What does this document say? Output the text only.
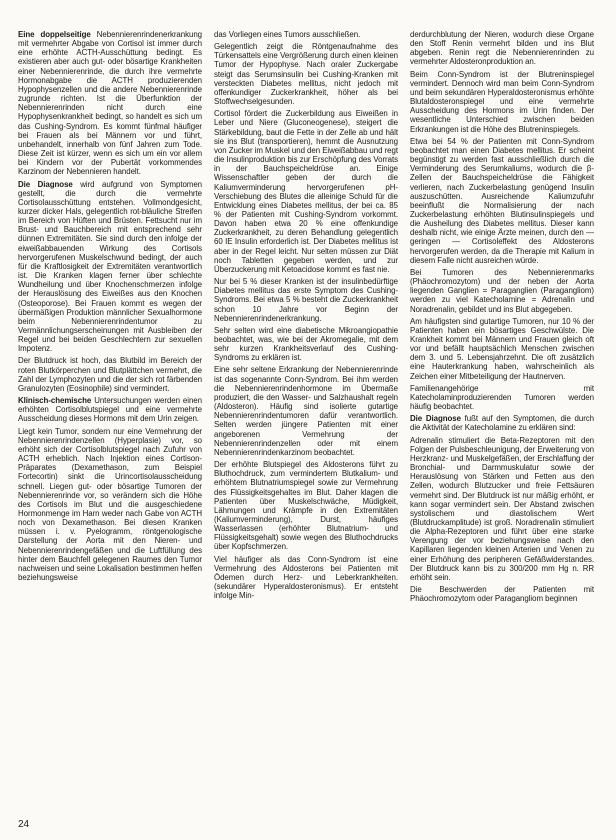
Eine doppelseitige Nebennierenrindenerkrankung mit vermehrter Abgabe von Cortisol ist immer durch eine erhöhte ACTH-Ausschüttung bedingt. Es existieren aber auch gut- oder bösartige Krankheiten einer Nebennierenrinde, die durch ihre vermehrte Hormonabgabe die ACTH produzierenden Hypophysenzellen und die andere Nebennierenrinde zugrunde richten. Ist die Überfunktion der Nebennierenrinden nicht durch eine Hypophysenkrankheit bedingt, so handelt es sich um das Cushing-Syndrom. Es kommt fünfmal häufiger bei Frauen als bei Männern vor und führt, unbehandelt, innerhalb von fünf Jahren zum Tode. Diese Zeit ist kürzer, wenn es sich um ein vor allem bei Kindern vor der Pubertät vorkommendes Karzinom der Nebennieren handelt.

Die Diagnose wird aufgrund von Symptomen gestellt, die durch die vermehrte Cortisolausschüttung entstehen. Vollmondgesicht, kurzer dicker Hals, gelegentlich rot-bläuliche Streifen im Bereich von Hüften und Brüsten. Fettsucht nur im Brust- und Bauchbereich mit entsprechend sehr dünnen Extremitäten. Sie sind durch den infolge der eiweißabbauenden Wirkung des Cortisols hervorgerufenen Muskelschwund bedingt, der auch für die Kraftlosigkeit der Extremitäten verantwortlich ist. Die Kranken klagen ferner über schlechte Wundheilung und über Knochenschmerzen infolge der Herauslösung des Eiweißes aus den Knochen (Osteoporose). Bei Frauen kommt es wegen der übermäßigen Produktion männlicher Sexualhormone beim Nebennierenrindentumor zu Vermännlichungserscheinungen mit Ausbleiben der Regel und bei beiden Geschlechtern zur sexuellen Impotenz.

Der Blutdruck ist hoch, das Blutbild im Bereich der roten Blutkörperchen und Blutplättchen vermehrt, die Zahl der Lymphozyten und die der sich rot färbenden Granulozyten (Eosinophile) sind vermindert.

Klinisch-chemische Untersuchungen werden einen erhöhten Cortisolblutspiegel und eine vermehrte Ausscheidung dieses Hormons mit dem Urin zeigen.

Liegt kein Tumor, sondern nur eine Vermehrung der Nebennierenrindenzellen (Hyperplasie) vor, so erhöht sich der Cortisolblutspiegel nach Zufuhr von ACTH erheblich. Nach Injektion eines Cortison-Präparates (Dexamethason, zum Beispiel Fortecortin) sinkt die Urincortisolausscheidung schnell. Liegen gut- oder bösartige Tumoren der Nebennierenrinde vor, so verändern sich die Höhe des Cortisols im Blut und die ausgeschiedene Hormonmenge im Harn weder nach Gabe von ACTH noch von Dexamethason. Bei diesen Kranken müssen i. v. Pyelogramm, röntgenologische Darstellung der Aorta mit den Nieren- und Nebennierenrindengefäßen und die Luftfüllung des hinter dem Bauchfell gelegenen Raumes den Tumor nachweisen und seine Lokalisation bestimmen helfen beziehungsweise

das Vorliegen eines Tumors ausschließen.

Gelegentlich zeigt die Röntgenaufnahme des Türkensattels eine Vergrößerung durch einen kleinen Tumor der Hypophyse. Nach oraler Zuckergabe steigt das Serumsinsulin bei Cushing-Kranken mit versteckten Diabetes mellitus, nicht jedoch mit offenkundiger Zuckerkrankheit, höher als bei Stoffwechselgesunden.

Cortisol fördert die Zuckerbildung aus Eiweißen in Leber und Niere (Gluconeogenese), steigert die Stärkebildung, baut die Fette in der Zelle ab und hält sie ins Blut (transportieren), hemmt die Ausnutzung von Zucker im Muskel und den Eiweißabbau und regt die Insulinproduktion bis zur Erschöpfung des Vorrats in der Bauchspeicheldrüse an. Einige Wissenschaftler geben der durch die Kaliumverminderung hervorgerufenen pH-Verschiebung des Blutes die alleinige Schuld für die Entwicklung eines Diabetes mellitus, der bei ca. 85 % der Patienten mit Cushing-Syndrom vorkommt. Davon haben etwa 20 % eine offenkundige Zuckerkrankheit, zu deren Behandlung gelegentlich 60 IE Insulin erforderlich ist. Der Diabetes mellitus ist aber in der Regel leicht. Nur selten müssen zur Diät noch Tabletten gegeben werden, und zur Überzuckerung mit Ketoacidose kommt es fast nie.

Nur bei 5 % dieser Kranken ist der insulinbedürftige Diabetes mellitus das erste Symptom des Cushing-Syndroms. Bei etwa 5 % besteht die Zuckerkrankheit schon 10 Jahre vor Beginn der Nebennierenrindenerkrankung.

Sehr selten wird eine diabetische Mikroangiopathie beobachtet, was, wie bei der Akromegalie, mit dem sehr kurzen Krankheitsverlauf des Cushing-Syndroms zu erklären ist.

Eine sehr seltene Erkrankung der Nebennierenrinde ist das sogenannte Conn-Syndrom. Bei ihm werden die Nebennierenrindenhormone im Übermaße produziert, die den Wasser- und Salzhaushalt regeln (Aldosteron). Häufig sind isolierte gutartige Nebennierenrindentumoren dafür verantwortlich. Selten werden jüngere Patienten mit einer angeborenen Vermehrung der Nebennierenrindenzellen oder mit einem Nebennierenrindenkarzinom beobachtet.

Der erhöhte Blutspiegel des Aldosterons führt zu Bluthochdruck, zum vermindertem Blutkalium- und erhöhtem Blutnatriumspiegel sowie zur Vermehrung des Flüssigkeitsgehaltes im Blut. Daher klagen die Patienten über Muskelschwäche, Müdigkeit, Lähmungen und Krämpfe in den Extremitäten (Kaliumverminderung), Durst, häufiges Wasserlassen (erhöhter Blutnatrium- und Flüssigkeitsgehalt) sowie wegen des Bluthochdrucks über Kopfschmerzen.

Viel häufiger als das Conn-Syndrom ist eine Vermehrung des Aldosterons bei Patienten mit Ödemen durch Herz- und Leberkrankheiten. (sekundärer Hyperaldosteronismus). Er entsteht infolge Min-

derdurchblutung der Nieren, wodurch diese Organe den Stoff Renin vermehrt bilden und ins Blut abgeben. Renin regt die Nebennierenrinden zu vermehrter Aldosteronproduktion an.

Beim Conn-Syndrom ist der Blutreninspiegel vermindert. Dennoch wird man beim Conn-Syndrom und beim sekundären Hyperaldosteronismus erhöhte Blutaldosteronspiegel und eine vermehrte Ausscheidung des Hormons im Urin finden. Der wesentliche Unterschied zwischen beiden Erkrankungen ist die Höhe des Blutreninspiegels.

Etwa bei 54 % der Patienten mit Conn-Syndrom beobachtet man einen Diabetes mellitus. Er scheint begünstigt zu werden fast ausschließlich durch die Verminderung des Serumkaliums, wodurch die β-Zellen der Bauchspeicheldrüse die Fähigkeit verlieren, nach Zuckerbelastung genügend Insulin auszuschütten. Ausreichende Kaliumzufuhr beeinflußt die Normalisierung der nach Zuckerbelastung erhöhten Blutinsulinspiegels und die Ausheilung des Diabetes mellitus. Dieser kann deshalb nicht, wie einige Ärzte meinen, durch den — geringen — Cortisoleffekt des Aldosterons hervorgerufen werden, da die Therapie mit Kalium in diesem Falle nicht ausreichen würde.

Bei Tumoren des Nebennierenmarks (Phäochromozytom) und der neben der Aorta liegenden Ganglien = Paraganglien (Paragangliom) werden zu viel Katecholamine = Adrenalin und Noradrenalin, gebildet und ins Blut abgegeben.

Am häufigsten sind gutartige Tumoren, nur 10 % der Patienten haben ein bösartiges Geschwülste. Die Krankheit kommt bei Männern und Frauen gleich oft vor und befällt hauptsächlich Menschen zwischen dem 3. und 5. Lebensjahrzehnt. Die oft zusätzlich eine Hauterkrankung haben, wahrscheinlich als Zeichen einer Mitbeteiligung der Hautnerven.

Familienangehörige mit Katecholaminproduzierenden Tumoren werden häufig beobachtet.

Die Diagnose fußt auf den Symptomen, die durch die Aktivität der Katecholamine zu erklären sind:

Adrenalin stimuliert die Beta-Rezeptoren mit den Folgen der Pulsbeschleunigung, der Erweiterung von Herzkranz- und Muskelgefäßen, der Erschlaffung der Bronchial- und Darmmuskulatur sowie der Herauslösung von Stärken und Fetten aus den Zellen, wodurch Blutzucker und freie Fettsäuren vermehrt sind. Der Blutdruck ist nur mäßig erhöht, er kann sogar vermindert sein. Der Abstand zwischen systolischem und diastolischem Wert (Blutdruckamplitude) ist groß. Noradrenalin stimuliert die Alpha-Rezeptoren und führt über eine starke Verengung der vor beziehungsweise nach den Kapillaren liegenden kleinen Arterien und Venen zu einer Erhöhung des peripheren Gefäßwiderstandes. Der Blutdruck kann bis zu 300/200 mm Hg n. RR erhöht sein.

Die Beschwerden der Patienten mit Phäochromozytom oder Paragangliom beginnen

24
